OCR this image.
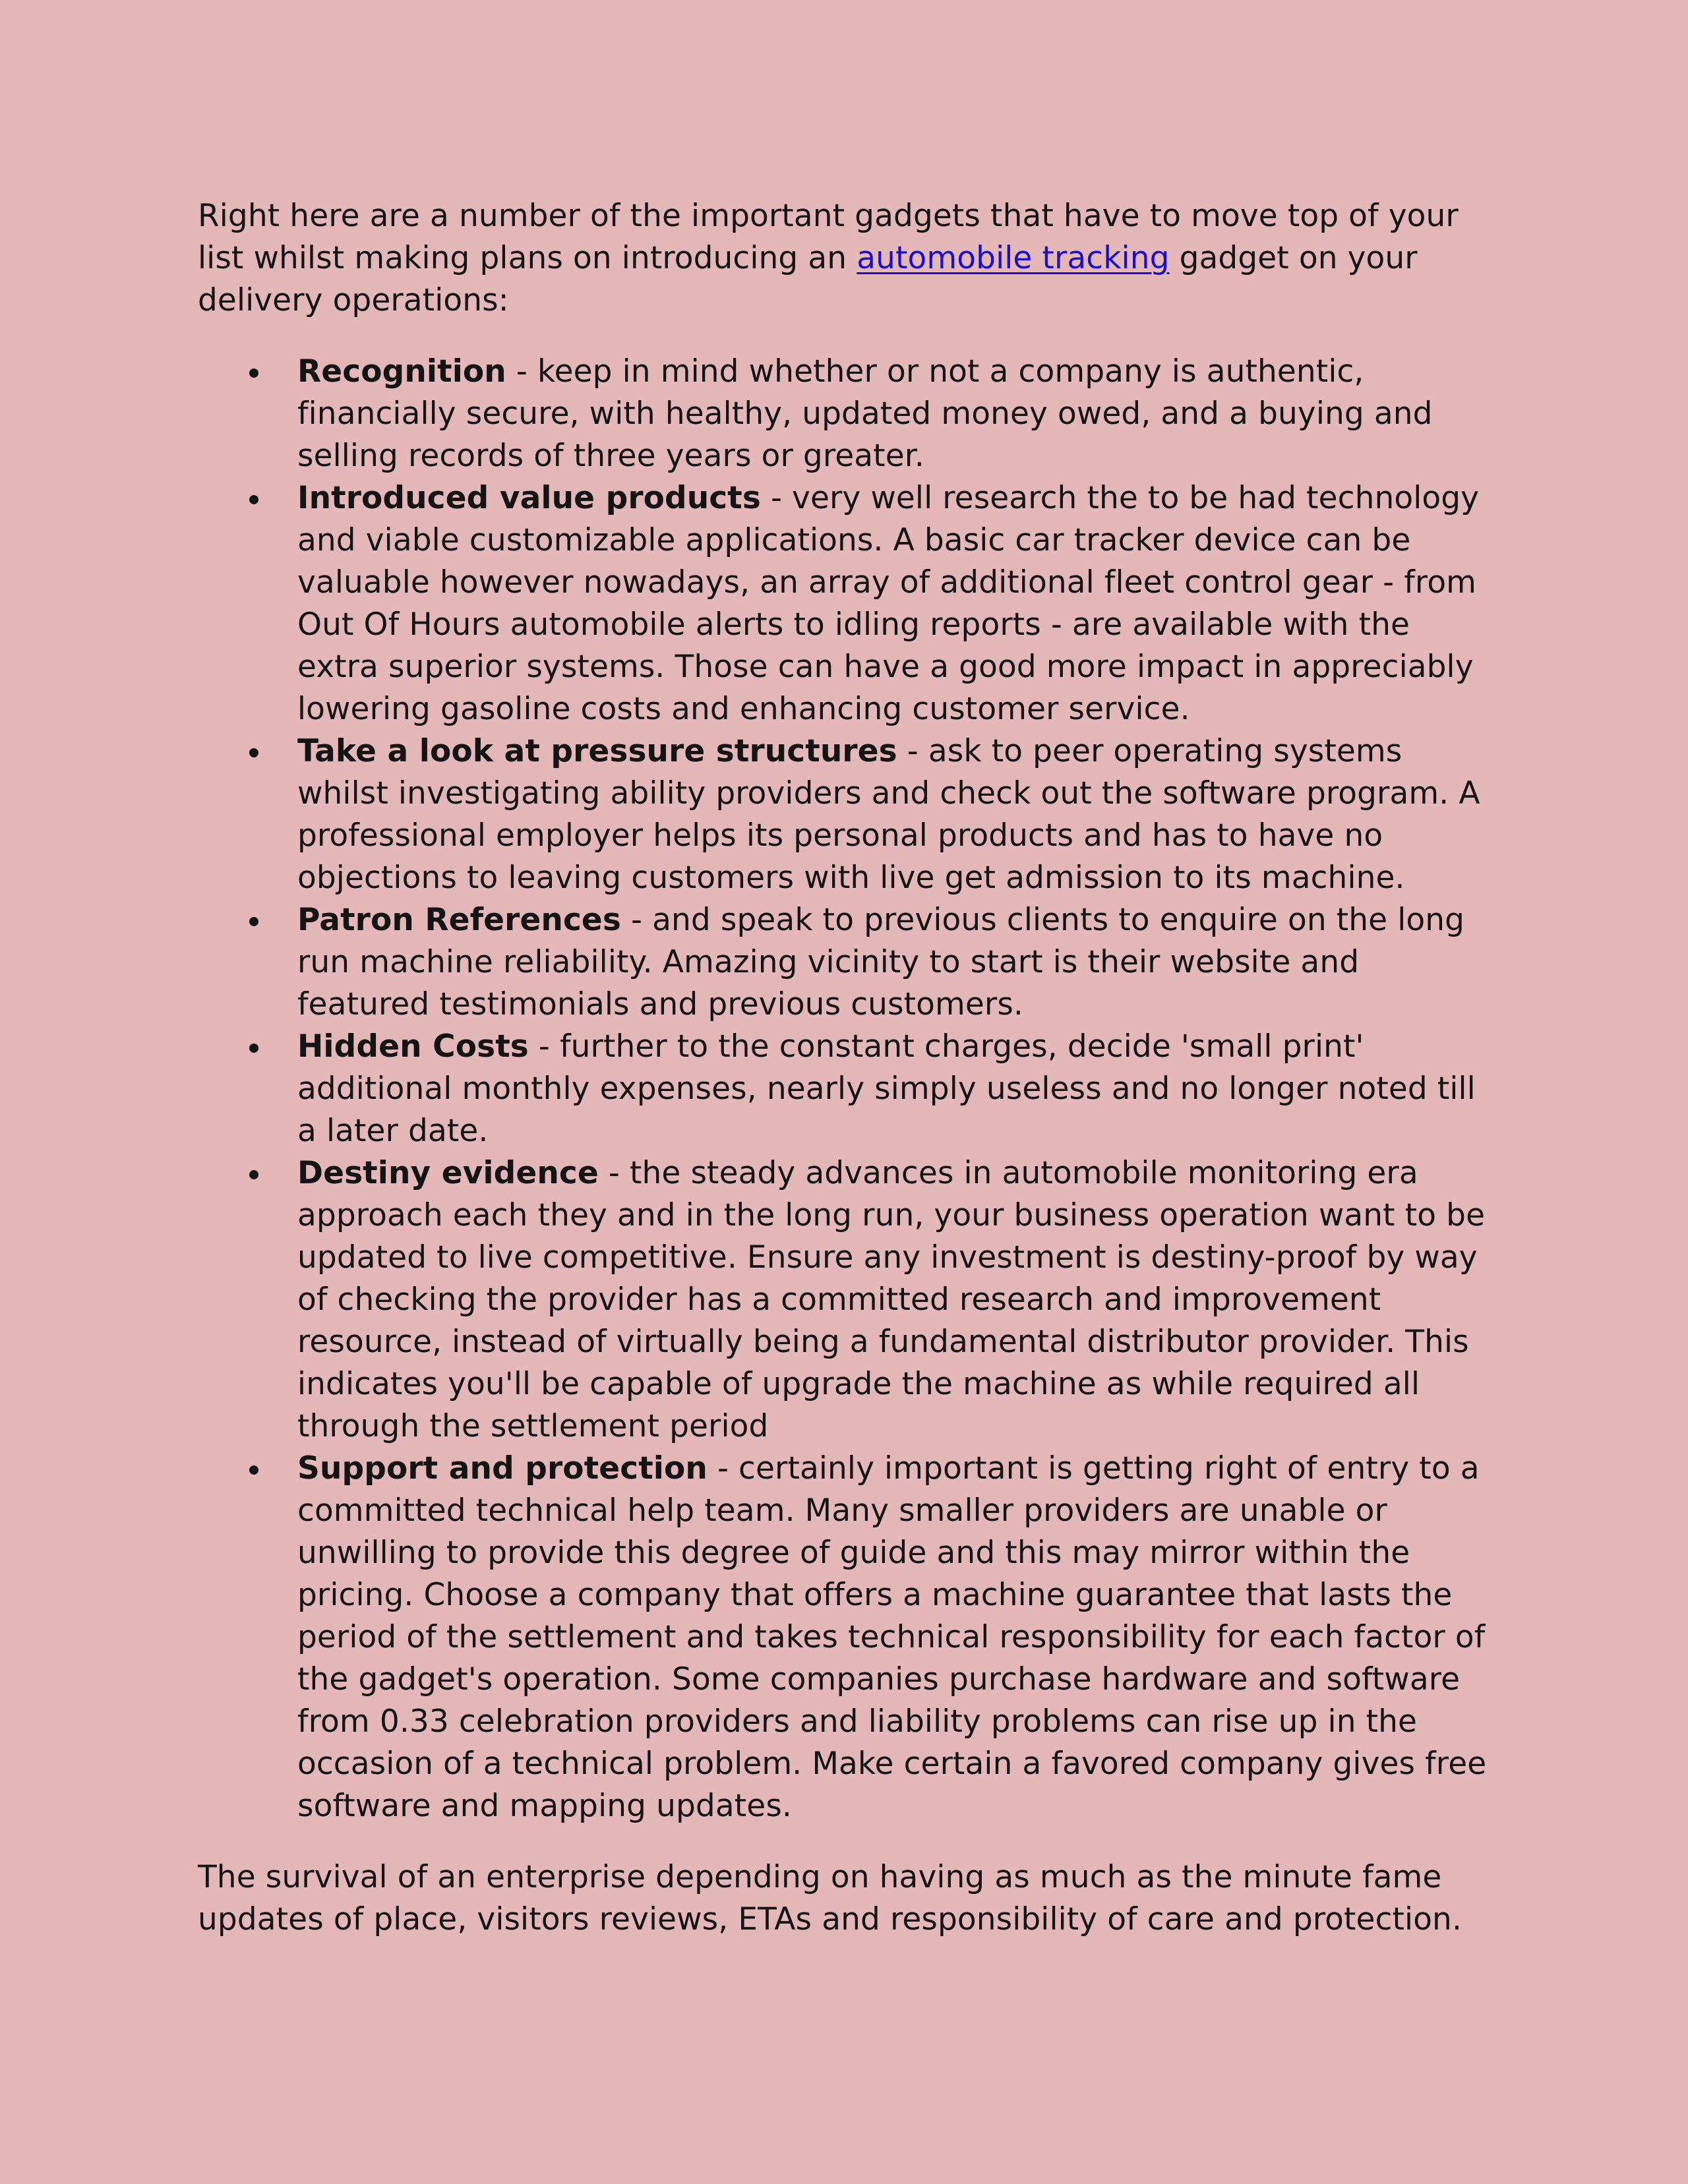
Right here are a number of the important gadgets that have to move top of your list whilst making plans on introducing an automobile tracking gadget on your delivery operations:

Recognition - keep in mind whether or not a company is authentic, financially secure, with healthy, updated money owed, and a buying and selling records of three years or greater.
Introduced value products - very well research the to be had technology and viable customizable applications. A basic car tracker device can be valuable however nowadays, an array of additional fleet control gear - from Out Of Hours automobile alerts to idling reports - are available with the extra superior systems. Those can have a good more impact in appreciably lowering gasoline costs and enhancing customer service.
Take a look at pressure structures - ask to peer operating systems whilst investigating ability providers and check out the software program. A professional employer helps its personal products and has to have no objections to leaving customers with live get admission to its machine.
Patron References - and speak to previous clients to enquire on the long run machine reliability. Amazing vicinity to start is their website and featured testimonials and previous customers.
Hidden Costs - further to the constant charges, decide 'small print' additional monthly expenses, nearly simply useless and no longer noted till a later date.
Destiny evidence - the steady advances in automobile monitoring era approach each they and in the long run, your business operation want to be updated to live competitive. Ensure any investment is destiny-proof by way of checking the provider has a committed research and improvement resource, instead of virtually being a fundamental distributor provider. This indicates you'll be capable of upgrade the machine as while required all through the settlement period
Support and protection - certainly important is getting right of entry to a committed technical help team. Many smaller providers are unable or unwilling to provide this degree of guide and this may mirror within the pricing. Choose a company that offers a machine guarantee that lasts the period of the settlement and takes technical responsibility for each factor of the gadget's operation. Some companies purchase hardware and software from 0.33 celebration providers and liability problems can rise up in the occasion of a technical problem. Make certain a favored company gives free software and mapping updates.

The survival of an enterprise depending on having as much as the minute fame updates of place, visitors reviews, ETAs and responsibility of care and protection.
